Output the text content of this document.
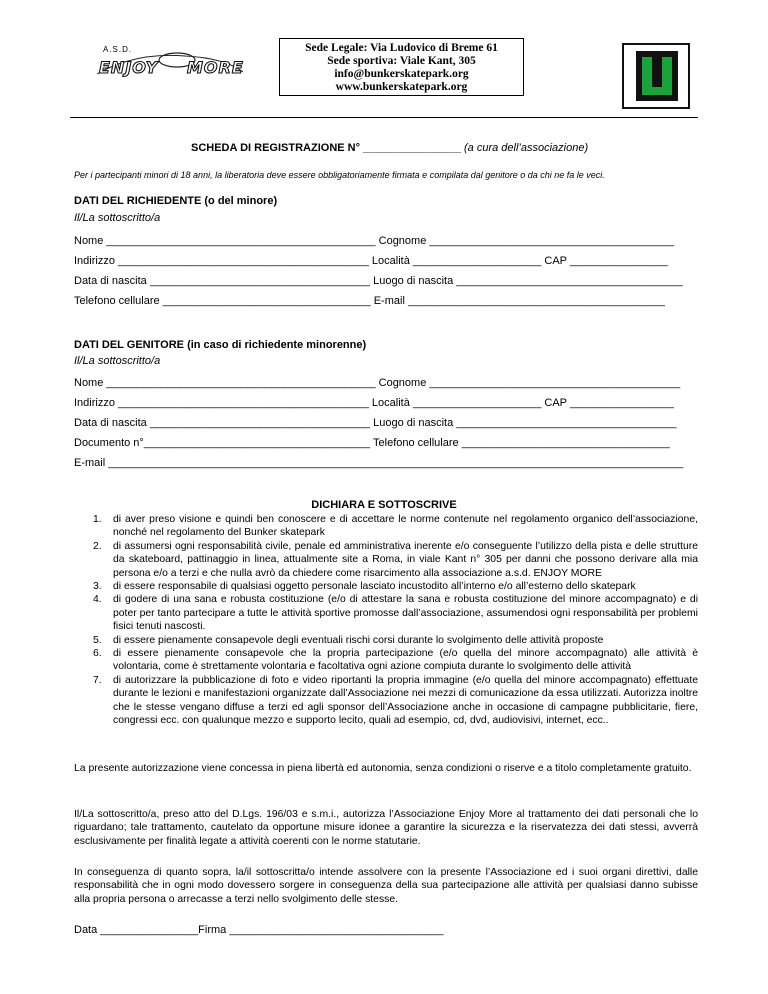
A.S.D.
ENJOY MORE
Sede Legale: Via Ludovico di Breme 61
Sede sportiva: Viale Kant, 305
info@bunkerskatepark.org
www.bunkerskatepark.org
SCHEDA DI REGISTRAZIONE N° ________________ (a cura dell’associazione)
Per i partecipanti minori di 18 anni, la liberatoria deve essere obbligatoriamente firmata e compilata dal genitore o da chi ne fa le veci.
DATI DEL RICHIEDENTE (o del minore)
Il/La sottoscritto/a
Nome ____________________________________________ Cognome ________________________________________
Indirizzo _________________________________________ Località _____________________ CAP ________________
Data di nascita ____________________________________ Luogo di nascita _____________________________________
Telefono cellulare __________________________________ E-mail __________________________________________
DATI DEL GENITORE (in caso di richiedente minorenne)
Il/La sottoscritto/a
Nome ____________________________________________ Cognome _________________________________________
Indirizzo _________________________________________ Località _____________________ CAP _________________
Data di nascita ____________________________________ Luogo di nascita ____________________________________
Documento n°_____________________________________ Telefono cellulare __________________________________
E-mail ______________________________________________________________________________________________
DICHIARA E SOTTOSCRIVE
1. di aver preso visione e quindi ben conoscere e di accettare le norme contenute nel regolamento organico dell’associazione, nonché nel regolamento del Bunker skatepark
2. di assumersi ogni responsabilità civile, penale ed amministrativa inerente e/o conseguente l’utilizzo della pista e delle strutture da skateboard, pattinaggio in linea, attualmente site a Roma, in viale Kant n° 305 per danni che possono derivare alla mia persona e/o a terzi e che nulla avrò da chiedere come risarcimento alla associazione a.s.d. ENJOY MORE
3. di essere responsabile di qualsiasi oggetto personale lasciato incustodito all’interno e/o all’esterno dello skatepark
4. di godere di una sana e robusta costituzione (e/o di attestare la sana e robusta costituzione del minore accompagnato) e di poter per tanto partecipare a tutte le attività sportive promosse dall’associazione, assumendosi ogni responsabilità per problemi fisici tenuti nascosti.
5. di essere pienamente consapevole degli eventuali rischi corsi durante lo svolgimento delle attività proposte
6. di essere pienamente consapevole che la propria partecipazione (e/o quella del minore accompagnato) alle attività è volontaria, come è strettamente volontaria e facoltativa ogni azione compiuta durante lo svolgimento delle attività
7. di autorizzare la pubblicazione di foto e video riportanti la propria immagine (e/o quella del minore accompagnato) effettuate durante le lezioni e manifestazioni organizzate dall’Associazione nei mezzi di comunicazione da essa utilizzati. Autorizza inoltre che le stesse vengano diffuse a terzi ed agli sponsor dell’Associazione anche in occasione di campagne pubblicitarie, fiere, congressi ecc. con qualunque mezzo e supporto lecito, quali ad esempio, cd, dvd, audiovisivi, internet, ecc..
La presente autorizzazione viene concessa in piena libertà ed autonomia, senza condizioni o riserve e a titolo completamente gratuito.
Il/La sottoscritto/a, preso atto del D.Lgs. 196/03 e s.m.i., autorizza l’Associazione Enjoy More al trattamento dei dati personali che lo riguardano; tale trattamento, cautelato da opportune misure idonee a garantire la sicurezza e la riservatezza dei dati stessi, avverrà esclusivamente per finalità legate a attività coerenti con le norme statutarie.
In conseguenza di quanto sopra, la/il sottoscritta/o intende assolvere con la presente l’Associazione ed i suoi organi direttivi, dalle responsabilità che in ogni modo dovessero sorgere in conseguenza della sua partecipazione alle attività per qualsiasi danno subisse alla propria persona o arrecasse a terzi nello svolgimento delle stesse.
Data ________________Firma ___________________________________
